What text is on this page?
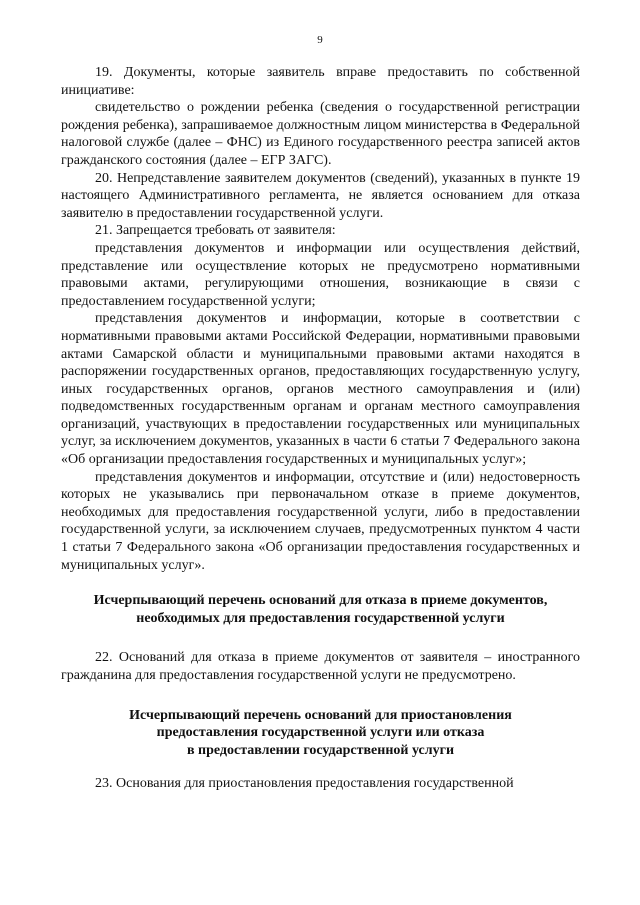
9

19. Документы, которые заявитель вправе предоставить по собственной инициативе:

свидетельство о рождении ребенка (сведения о государственной регистрации рождения ребенка), запрашиваемое должностным лицом министерства в Федеральной налоговой службе (далее – ФНС) из Единого государственного реестра записей актов гражданского состояния (далее – ЕГР ЗАГС).

20. Непредставление заявителем документов (сведений), указанных в пункте 19 настоящего Административного регламента, не является основанием для отказа заявителю в предоставлении государственной услуги.

21. Запрещается требовать от заявителя:

представления документов и информации или осуществления действий, представление или осуществление которых не предусмотрено нормативными правовыми актами, регулирующими отношения, возникающие в связи с предоставлением государственной услуги;

представления документов и информации, которые в соответствии с нормативными правовыми актами Российской Федерации, нормативными правовыми актами Самарской области и муниципальными правовыми актами находятся в распоряжении государственных органов, предоставляющих государственную услугу, иных государственных органов, органов местного самоуправления и (или) подведомственных государственным органам и органам местного самоуправления организаций, участвующих в предоставлении государственных или муниципальных услуг, за исключением документов, указанных в части 6 статьи 7 Федерального закона «Об организации предоставления государственных и муниципальных услуг»;

представления документов и информации, отсутствие и (или) недостоверность которых не указывались при первоначальном отказе в приеме документов, необходимых для предоставления государственной услуги, либо в предоставлении государственной услуги, за исключением случаев, предусмотренных пунктом 4 части 1 статьи 7 Федерального закона «Об организации предоставления государственных и муниципальных услуг».

Исчерпывающий перечень оснований для отказа в приеме документов,
необходимых для предоставления государственной услуги

22. Оснований для отказа в приеме документов от заявителя – иностранного гражданина для предоставления государственной услуги не предусмотрено.

Исчерпывающий перечень оснований для приостановления
предоставления государственной услуги или отказа
в предоставлении государственной услуги

23. Основания для приостановления предоставления государственной
